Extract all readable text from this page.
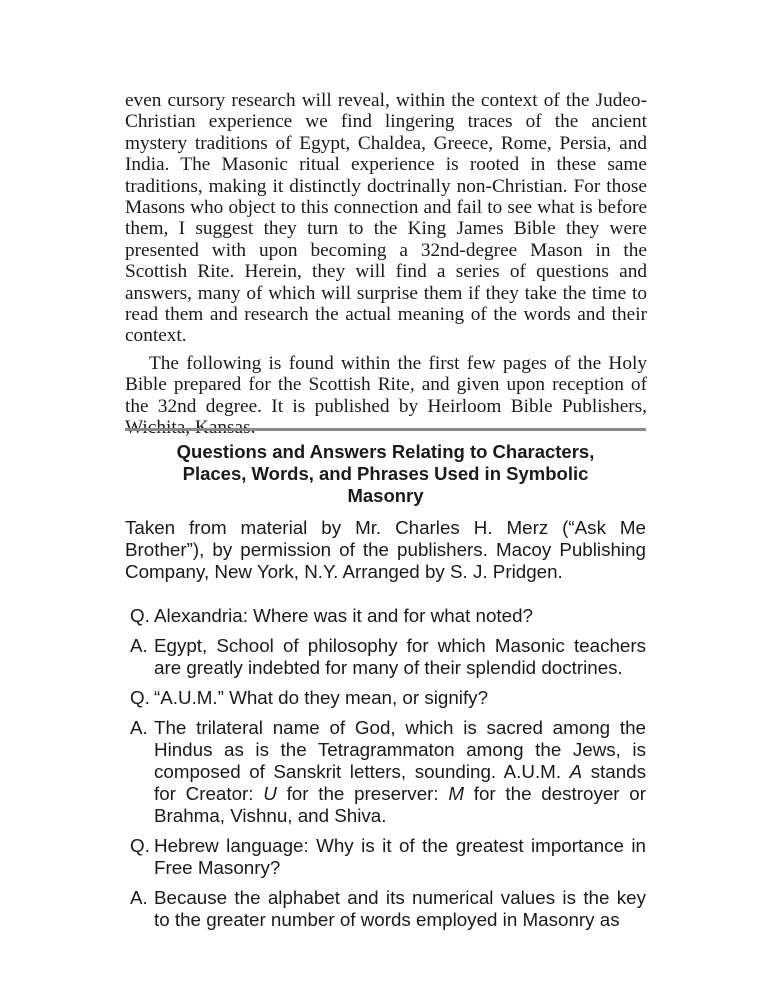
even cursory research will reveal, within the context of the Judeo-Christian experience we find lingering traces of the ancient mystery traditions of Egypt, Chaldea, Greece, Rome, Persia, and India. The Masonic ritual experience is rooted in these same traditions, making it distinctly doctrinally non-Christian. For those Masons who object to this connection and fail to see what is before them, I suggest they turn to the King James Bible they were presented with upon becoming a 32nd-degree Mason in the Scottish Rite. Herein, they will find a series of questions and answers, many of which will surprise them if they take the time to read them and research the actual meaning of the words and their context.

The following is found within the first few pages of the Holy Bible prepared for the Scottish Rite, and given upon reception of the 32nd degree. It is published by Heirloom Bible Publishers,

Questions and Answers Relating to Characters, Places, Words, and Phrases Used in Symbolic Masonry

Taken from material by Mr. Charles H. Merz (“Ask Me Brother”), by permission of the publishers. Macoy Publishing Company, New York, N.Y. Arranged by S. J. Pridgen.

Q. Alexandria: Where was it and for what noted?
A. Egypt, School of philosophy for which Masonic teachers are greatly indebted for many of their splendid doctrines.
Q. “A.U.M.” What do they mean, or signify?
A. The trilateral name of God, which is sacred among the Hindus as is the Tetragrammaton among the Jews, is composed of Sanskrit letters, sounding. A.U.M. A stands for Creator: U for the preserver: M for the destroyer or Brahma, Vishnu, and Shiva.
Q. Hebrew language: Why is it of the greatest importance in Free Masonry?
A. Because the alphabet and its numerical values is the key to the greater number of words employed in Masonry as
